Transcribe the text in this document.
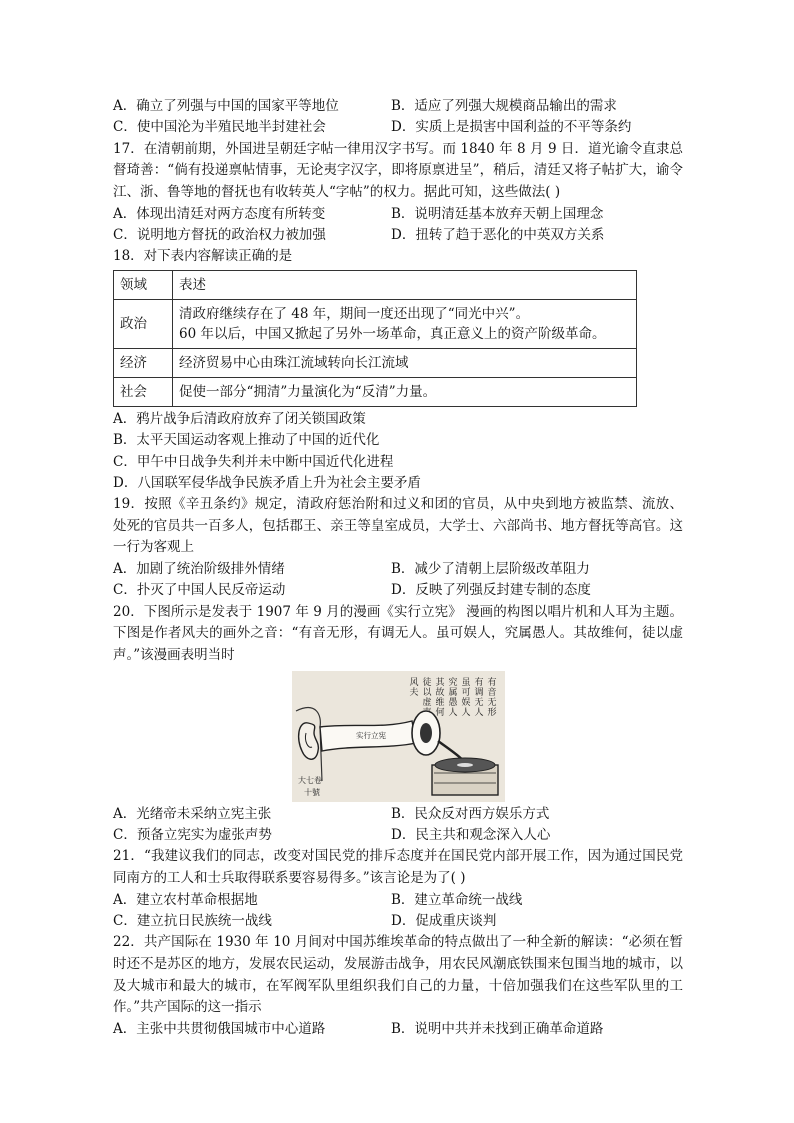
A．确立了列强与中国的国家平等地位	B．适应了列强大规模商品输出的需求
C．使中国沦为半殖民地半封建社会	D．实质上是损害中国利益的不平等条约
17．在清朝前期，外国进呈朝廷字帖一律用汉字书写。而 1840 年 8 月 9 日．道光谕令直隶总督琦善：“倘有投递禀帖情事，无论夷字汉字，即将原禀进呈”，稍后，清廷又将子帖扩大，谕令江、浙、鲁等地的督抚也有收转英人“字帖”的权力。据此可知，这些做法( )
A．体现出清廷对两方态度有所转变	B．说明清廷基本放弃天朝上国理念
C．说明地方督抚的政治权力被加强	D．扭转了趋于恶化的中英双方关系
18．对下表内容解读正确的是
领域	表述
政治	清政府继续存在了 48 年，期间一度还出现了“同光中兴”。
60 年以后，中国又掀起了另外一场革命，真正意义上的资产阶级革命。

经济	经济贸易中心由珠江流域转向长江流域
社会	促使一部分“拥清”力量演化为“反清”力量。
A．鸦片战争后清政府放弃了闭关锁国政策
B．太平天国运动客观上推动了中国的近代化
C．甲午中日战争失利并未中断中国近代化进程
D．八国联军侵华战争民族矛盾上升为社会主要矛盾
19．按照《辛丑条约》规定，清政府惩治附和过义和团的官员，从中央到地方被监禁、流放、处死的官员共一百多人，包括郡王、亲王等皇室成员，大学士、六部尚书、地方督抚等高官。这一行为客观上
A．加剧了统治阶级排外情绪	B．减少了清朝上层阶级改革阻力
C．扑灭了中国人民反帝运动	D．反映了列强反封建专制的态度
20．下图所示是发表于 1907 年 9 月的漫画《实行立宪》 漫画的构图以唱片机和人耳为主题。下图是作者风夫的画外之音：“有音无形，有调无人。虽可娱人，究属愚人。其故维何，徒以虚声。”该漫画表明当时
有
音
无
形
有
调
无
人
虽
可
娱
人
究
属
愚
人
其
故
维
何
徒
以
虚
风
夫
实行立宪
大七卷
十號
A．光绪帝未采纳立宪主张	B．民众反对西方娱乐方式
C．预备立宪实为虚张声势	D．民主共和观念深入人心
21．“我建议我们的同志，改变对国民党的排斥态度并在国民党内部开展工作，因为通过国民党同南方的工人和士兵取得联系要容易得多。”该言论是为了( )
A．建立农村革命根据地	B．建立革命统一战线
C．建立抗日民族统一战线	D．促成重庆谈判
22．共产国际在 1930 年 10 月间对中国苏维埃革命的特点做出了一种全新的解读：“必须在暂时还不是苏区的地方，发展农民运动，发展游击战争，用农民风潮底铁围来包围当地的城市，以及大城市和最大的城市，在军阀军队里组织我们自己的力量，十倍加强我们在这些军队里的工作。”共产国际的这一指示
A．主张中共贯彻俄国城市中心道路	B．说明中共并未找到正确革命道路
